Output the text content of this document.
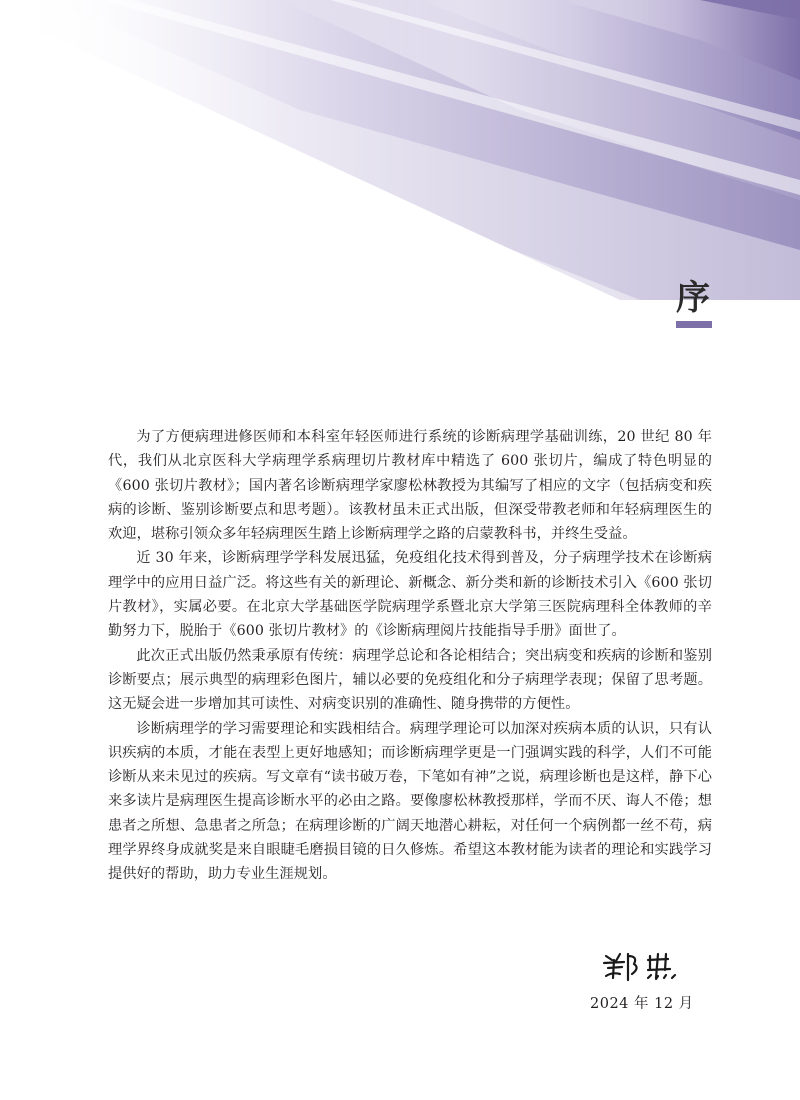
序

为了方便病理进修医师和本科室年轻医师进行系统的诊断病理学基础训练，20 世纪 80 年代，我们从北京医科大学病理学系病理切片教材库中精选了 600 张切片，编成了特色明显的《600 张切片教材》；国内著名诊断病理学家廖松林教授为其编写了相应的文字（包括病变和疾病的诊断、鉴别诊断要点和思考题）。该教材虽未正式出版，但深受带教老师和年轻病理医生的欢迎，堪称引领众多年轻病理医生踏上诊断病理学之路的启蒙教科书，并终生受益。

近 30 年来，诊断病理学学科发展迅猛，免疫组化技术得到普及，分子病理学技术在诊断病理学中的应用日益广泛。将这些有关的新理论、新概念、新分类和新的诊断技术引入《600 张切片教材》，实属必要。在北京大学基础医学院病理学系暨北京大学第三医院病理科全体教师的辛勤努力下，脱胎于《600 张切片教材》的《诊断病理阅片技能指导手册》面世了。

此次正式出版仍然秉承原有传统：病理学总论和各论相结合；突出病变和疾病的诊断和鉴别诊断要点；展示典型的病理彩色图片，辅以必要的免疫组化和分子病理学表现；保留了思考题。这无疑会进一步增加其可读性、对病变识别的准确性、随身携带的方便性。

诊断病理学的学习需要理论和实践相结合。病理学理论可以加深对疾病本质的认识，只有认识疾病的本质，才能在表型上更好地感知；而诊断病理学更是一门强调实践的科学，人们不可能诊断从来未见过的疾病。写文章有“读书破万卷，下笔如有神”之说，病理诊断也是这样，静下心来多读片是病理医生提高诊断水平的必由之路。要像廖松林教授那样，学而不厌、诲人不倦；想患者之所想、急患者之所急；在病理诊断的广阔天地潜心耕耘，对任何一个病例都一丝不苟，病理学界终身成就奖是来自眼睫毛磨损目镜的日久修炼。希望这本教材能为读者的理论和实践学习提供好的帮助，助力专业生涯规划。

2024 年 12 月
